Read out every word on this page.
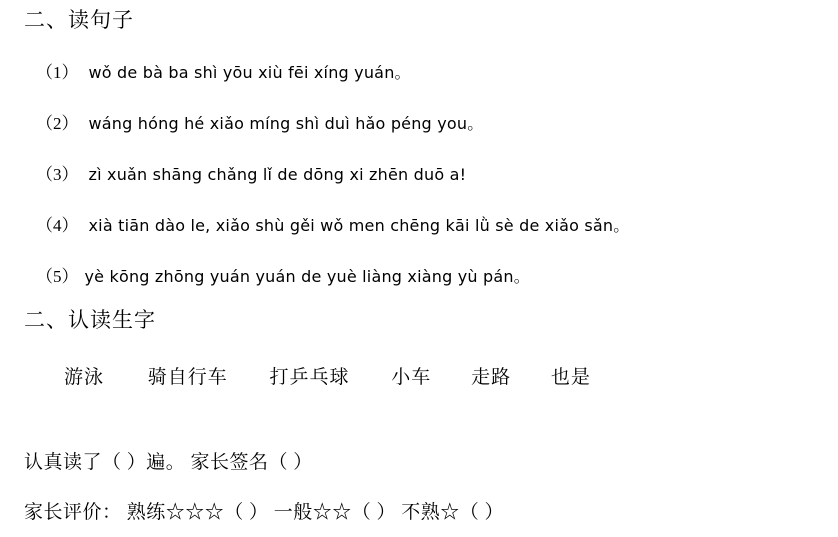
二、读句子
（1） wǒ de bà ba shì yōu xiù fēi xíng yuán。
（2） wáng hóng hé xiǎo míng shì duì hǎo péng you。
（3） zì xuǎn shāng chǎng lǐ de dōng xi zhēn duō a!
（4） xià tiān dào le, xiǎo shù gěi wǒ men chēng kāi lǜ sè de xiǎo sǎn。
（5） yè kōng zhōng yuán yuán de yuè liàng xiàng yù pán。
二、认读生字
游泳 骑自行车 打乒乓球 小车 走路 也是
认真读了（ ）遍。 家长签名（ ）
家长评价： 熟练☆☆☆（ ） 一般☆☆（ ） 不熟☆（ ）
